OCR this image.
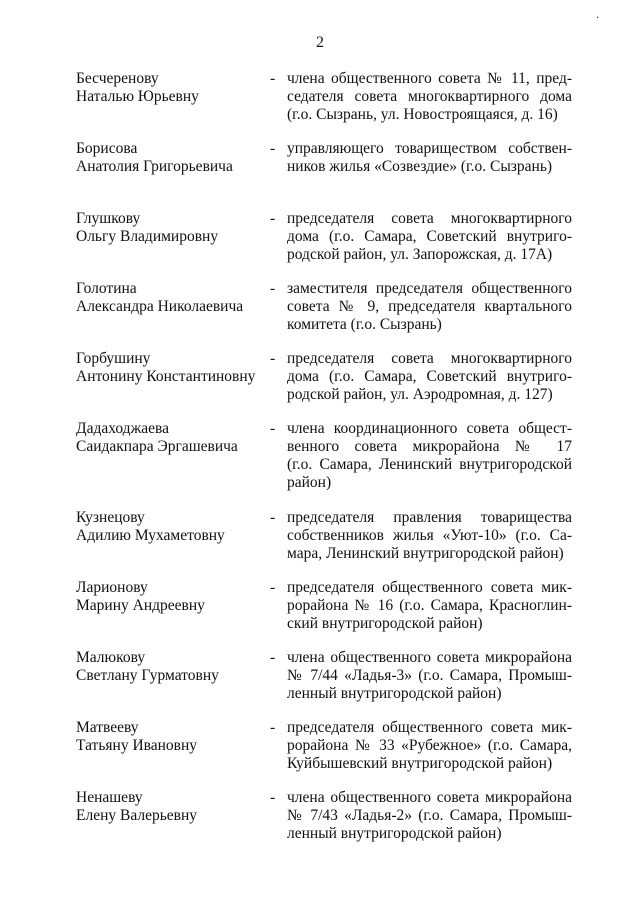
·
2
Бесчеренову
Наталью Юрьевну
- члена общественного совета № 11, пред-
седателя совета многоквартирного дома
(г.о. Сызрань, ул. Новостроящаяся, д. 16)
Борисова
Анатолия Григорьевича
- управляющего товариществом собствен-
ников жилья «Созвездие» (г.о. Сызрань)
Глушкову
Ольгу Владимировну
- председателя совета многоквартирного
дома (г.о. Самара, Советский внутриго-
родской район, ул. Запорожская, д. 17А)
Голотина
Александра Николаевича
- заместителя председателя общественного
совета № 9, председателя квартального
комитета (г.о. Сызрань)
Горбушину
Антонину Константиновну
- председателя совета многоквартирного
дома (г.о. Самара, Советский внутриго-
родской район, ул. Аэродромная, д. 127)
Дадаходжаева
Саидакпара Эргашевича
- члена координационного совета общест-
венного совета микрорайона № 17
(г.о. Самара, Ленинский внутригородской
район)
Кузнецову
Адилию Мухаметовну
- председателя правления товарищества
собственников жилья «Уют-10» (г.о. Са-
мара, Ленинский внутригородской район)
Ларионову
Марину Андреевну
- председателя общественного совета мик-
рорайона № 16 (г.о. Самара, Красноглин-
ский внутригородской район)
Малюкову
Светлану Гурматовну
- члена общественного совета микрорайона
№ 7/44 «Ладья-3» (г.о. Самара, Промыш-
ленный внутригородской район)
Матвееву
Татьяну Ивановну
- председателя общественного совета мик-
рорайона № 33 «Рубежное» (г.о. Самара,
Куйбышевский внутригородской район)
Ненашеву
Елену Валерьевну
- члена общественного совета микрорайона
№ 7/43 «Ладья-2» (г.о. Самара, Промыш-
ленный внутригородской район)
